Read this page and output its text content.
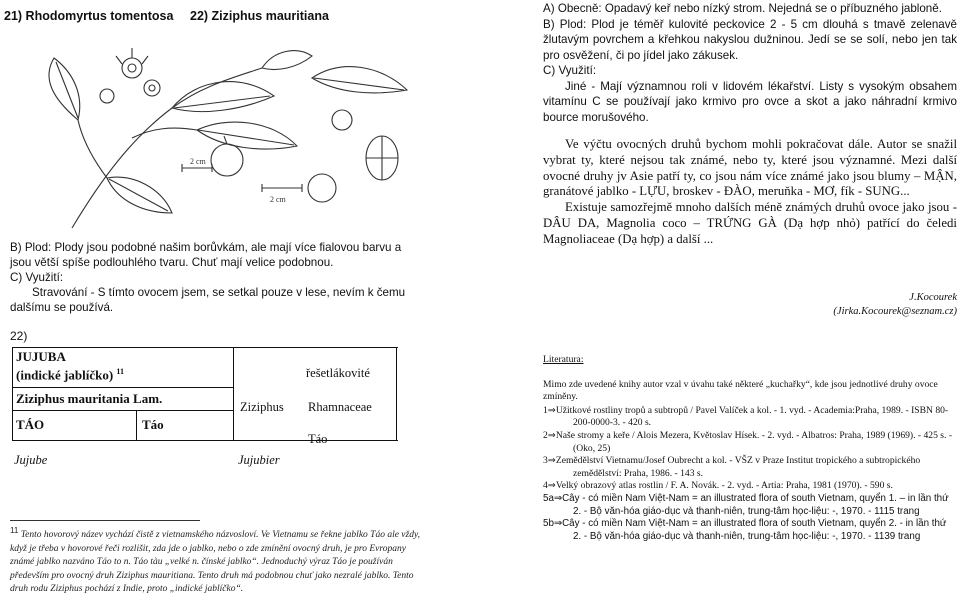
21) Rhodomyrtus tomentosa 22) Ziziphus mauritiana
2 cm
2 cm
B) Plod: Plody jsou podobné našim borůvkám, ale mají více fialovou barvu a
jsou větší spíše podlouhlého tvaru. Chuť mají velice podobnou.
C) Využití:
Stravování - S tímto ovocem jsem, se setkal pouze v lese, nevím k čemu
dalšímu se používá.
22)
JUJUBA
(indické jablíčko) $^{11}$
Ziziphus mauritania Lam.
řešetlákovité
Ziziphus Rhamnaceae
TÁO	Táo
Táo
Jujube	Jujubier
$^{11}$ Tento hovorový název vychází čistě z vietnamského názvosloví. Ve Vietnamu se řekne jablko Táo ale vždy, když je třeba v hovorové řeči rozlišit, zda jde o jablko, nebo o zde zmínění ovocný druh, je pro Evropany známé jablko nazváno Táo to n. Táo tàu „velké n. čínské jablko“. Jednoduchý výraz Táo je používán především pro ovocný druh Ziziphus mauritiana. Tento druh má podobnou chuť jako nezralé jablko. Tento druh rodu Ziziphus pochází z Indie, proto „indické jablíčko“.

A) Obecně: Opadavý keř nebo nízký strom. Nejedná se o příbuzného jabloně.

B) Plod: Plod je téměř kulovité peckovice 2 - 5 cm dlouhá s tmavě zelenavě žlutavým povrchem a křehkou nakyslou dužninou. Jedí se se solí, nebo jen tak pro osvěžení, či po jídel jako zákusek.

C) Využití:

Jiné - Mají významnou roli v lidovém lékařství. Listy s vysokým obsahem vitamínu C se používají jako krmivo pro ovce a skot a jako náhradní krmivo bource morušového.

Ve výčtu ovocných druhů bychom mohli pokračovat dále. Autor se snažil vybrat ty, které nejsou tak známé, nebo ty, které jsou významné. Mezi další ovocné druhy jv Asie patří ty, co jsou nám více známé jako jsou blumy – MẬN, granátové jablko - LỰU, broskev - ĐÀO, meruňka - MƠ, fík - SUNG...

Existuje samozřejmě mnoho dalších méně známých druhů ovoce jako jsou - DÂU DA, Magnolia coco – TRỨNG GÀ (Dạ hợp nhỏ) patřící do čeledi Magnoliaceae (Dạ hợp) a další ...

J.Kocourek
(Jirka.Kocourek@seznam.cz)
Literatura:
Mimo zde uvedené knihy autor vzal v úvahu také některé „kuchařky“, kde jsou jednotlivé druhy ovoce zmíněny.
1⇒Užitkové rostliny tropů a subtropů / Pavel Valíček a kol. - 1. vyd. - Academia:Praha, 1989. - ISBN 80-200-0000-3. - 420 s.
2⇒Naše stromy a keře / Alois Mezera, Květoslav Hísek. - 2. vyd. - Albatros: Praha, 1989 (1969). - 425 s. - (Oko, 25)
3⇒Zemědělství Vietnamu/Josef Oubrecht a kol. - VŠZ v Praze Institut tropického a subtropického zemědělství: Praha, 1986. - 143 s.
4⇒Velký obrazový atlas rostlin / F. A. Novák. - 2. vyd. - Artia: Praha, 1981 (1970). - 590 s.
5a⇒Cây - có miền Nam Việt-Nam = an illustrated flora of south Vietnam, quyển 1. – in lần thứ 2. - Bộ văn-hóa giáo-dục và thanh-niên, trung-tâm học-liệu: -, 1970. - 1115 trang
5b⇒Cây - có miền Nam Việt-Nam = an illustrated flora of south Vietnam, quyển 2. - in lần thứ 2. - Bộ văn-hóa giáo-dục và thanh-niên, trung-tâm học-liệu: -, 1970. - 1139 trang
